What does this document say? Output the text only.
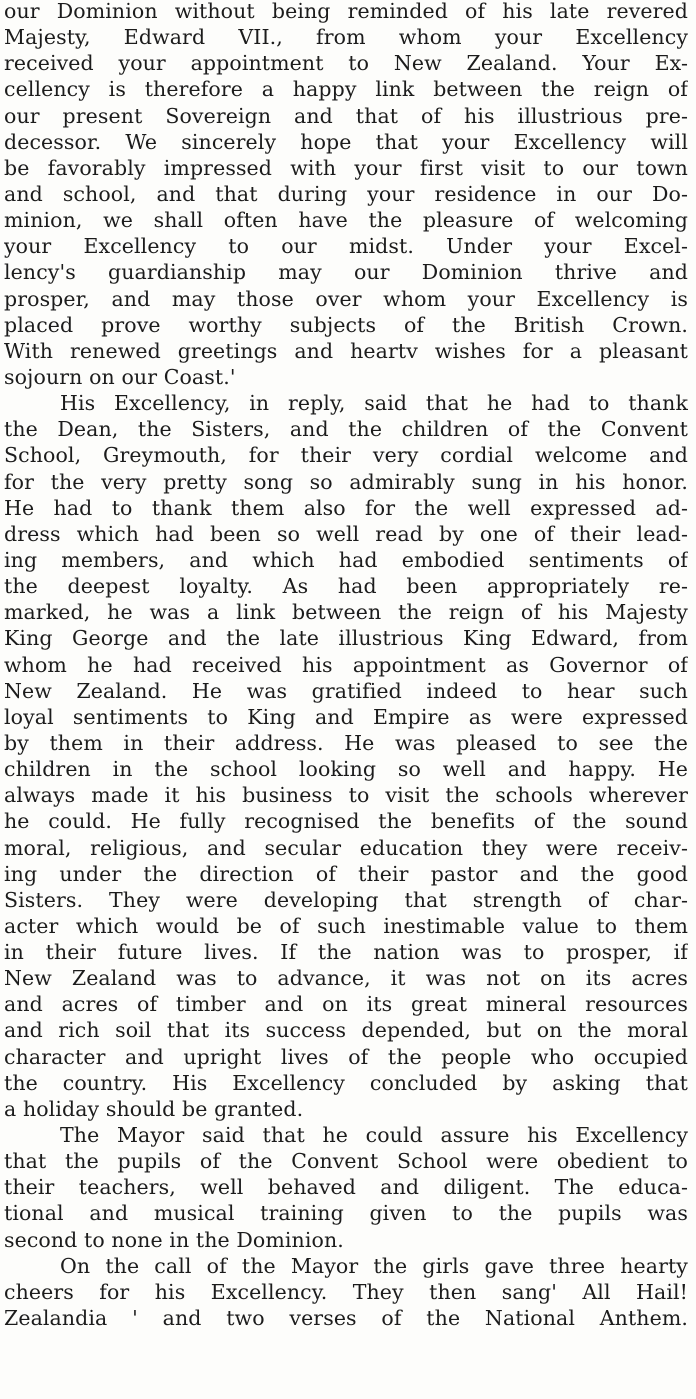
our Dominion without being reminded of his late revered
Majesty, Edward VII., from whom your Excellency
received your appointment to New Zealand. Your Ex-
cellency is therefore a happy link between the reign of
our present Sovereign and that of his illustrious pre-
decessor. We sincerely hope that your Excellency will
be favorably impressed with your first visit to our town
and school, and that during your residence in our Do-
minion, we shall often have the pleasure of welcoming
your Excellency to our midst. Under your Excel-
lency's guardianship may our Dominion thrive and
prosper, and may those over whom your Excellency is
placed prove worthy subjects of the British Crown.
With renewed greetings and heartv wishes for a pleasant
sojourn on our Coast.'
His Excellency, in reply, said that he had to thank
the Dean, the Sisters, and the children of the Convent
School, Greymouth, for their very cordial welcome and
for the very pretty song so admirably sung in his honor.
He had to thank them also for the well expressed ad-
dress which had been so well read by one of their lead-
ing members, and which had embodied sentiments of
the deepest loyalty. As had been appropriately re-
marked, he was a link between the reign of his Majesty
King George and the late illustrious King Edward, from
whom he had received his appointment as Governor of
New Zealand. He was gratified indeed to hear such
loyal sentiments to King and Empire as were expressed
by them in their address. He was pleased to see the
children in the school looking so well and happy. He
always made it his business to visit the schools wherever
he could. He fully recognised the benefits of the sound
moral, religious, and secular education they were receiv-
ing under the direction of their pastor and the good
Sisters. They were developing that strength of char-
acter which would be of such inestimable value to them
in their future lives. If the nation was to prosper, if
New Zealand was to advance, it was not on its acres
and acres of timber and on its great mineral resources
and rich soil that its success depended, but on the moral
character and upright lives of the people who occupied
the country. His Excellency concluded by asking that
a holiday should be granted.
The Mayor said that he could assure his Excellency
that the pupils of the Convent School were obedient to
their teachers, well behaved and diligent. The educa-
tional and musical training given to the pupils was
second to none in the Dominion.
On the call of the Mayor the girls gave three hearty
cheers for his Excellency. They then sang' All Hail!
Zealandia ' and two verses of the National Anthem.
